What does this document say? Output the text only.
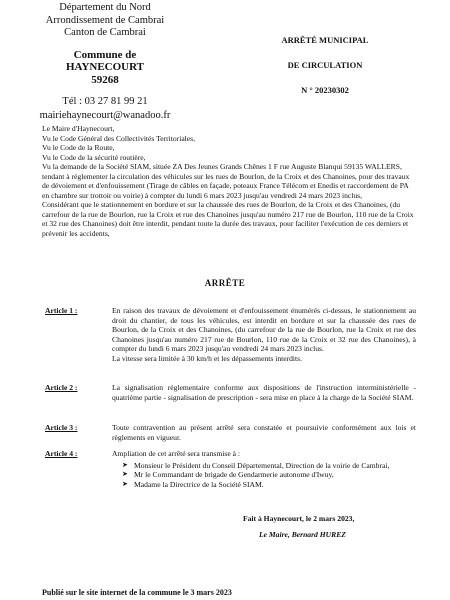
Département du Nord
Arrondissement de Cambrai
Canton de Cambrai
Commune de
HAYNECOURT
59268
Tél : 03 27 81 99 21
mairiehaynecourt@wanadoo.fr
ARRÊTÉ MUNICIPAL
DE CIRCULATION
N ° 20230302

Le Maire d'Haynecourt,

Vu le Code Général des Collectivités Territoriales,

Vu le Code de la Route,

Vu le Code de la sécurité routière,

Vu la demande de la Société SIAM, située ZA Des Jeunes Grands Chênes 1 F rue Auguste Blanqui 59135 WALLERS, tendant à réglementer la circulation des véhicules sur les rues de Bourlon, de la Croix et des Chanoines, pour des travaux de dévoiement et d'enfouissement (Tirage de câbles en façade, poteaux France Télécom et Enedis et raccordement de PA en chambre sur trottoir ou voirie) à compter du lundi 6 mars 2023 jusqu'au vendredi 24 mars 2023 inclus,

Considérant que le stationnement en bordure et sur la chaussée des rues de Bourlon, de la Croix et des Chanoines, (du carrefour de la rue de Bourlon, rue la Croix et rue des Chanoines jusqu'au numéro 217 rue de Bourlon, 110 rue de la Croix et 32 rue des Chanoines) doit être interdit, pendant toute la durée des travaux, pour faciliter l'exécution de ces derniers et prévenir les accidents,

ARRÊTE
Article 1 :	En raison des travaux de dévoiement et d'enfouissement énumérés ci-dessus, le stationnement au droit du chantier, de tous les véhicules, est interdit en bordure et sur la chaussée des rues de Bourlon, de la Croix et des Chanoines, (du carrefour de la rue de Bourlon, rue la Croix et rue des Chanoines jusqu'au numéro 217 rue de Bourlon, 110 rue de la Croix et 32 rue des Chanoines), à compter du lundi 6 mars 2023 jusqu'au vendredi 24 mars 2023 inclus.

La vitesse sera limitée à 30 km/h et les dépassements interdits.

Article 2 :	La signalisation réglementaire conforme aux dispositions de l'instruction interministérielle - quatrième partie - signalisation de prescription - sera mise en place à la charge de la Société SIAM.
Article 3 :	Toute contravention au présent arrêté sera constatée et poursuivie conformément aux lois et règlements en vigueur.
Article 4 :	Ampliation de cet arrêté sera transmise à :

➤ Monsieur le Président du Conseil Départemental, Direction de la voirie de Cambrai,
➤ Mr le Commandant de brigade de Gendarmerie autonome d'Iwuy,
➤ Madame la Directrice de la Société SIAM.
Fait à Haynecourt, le 2 mars 2023,
Le Maire, Bernard HUREZ
Publié sur le site internet de la commune le 3 mars 2023
